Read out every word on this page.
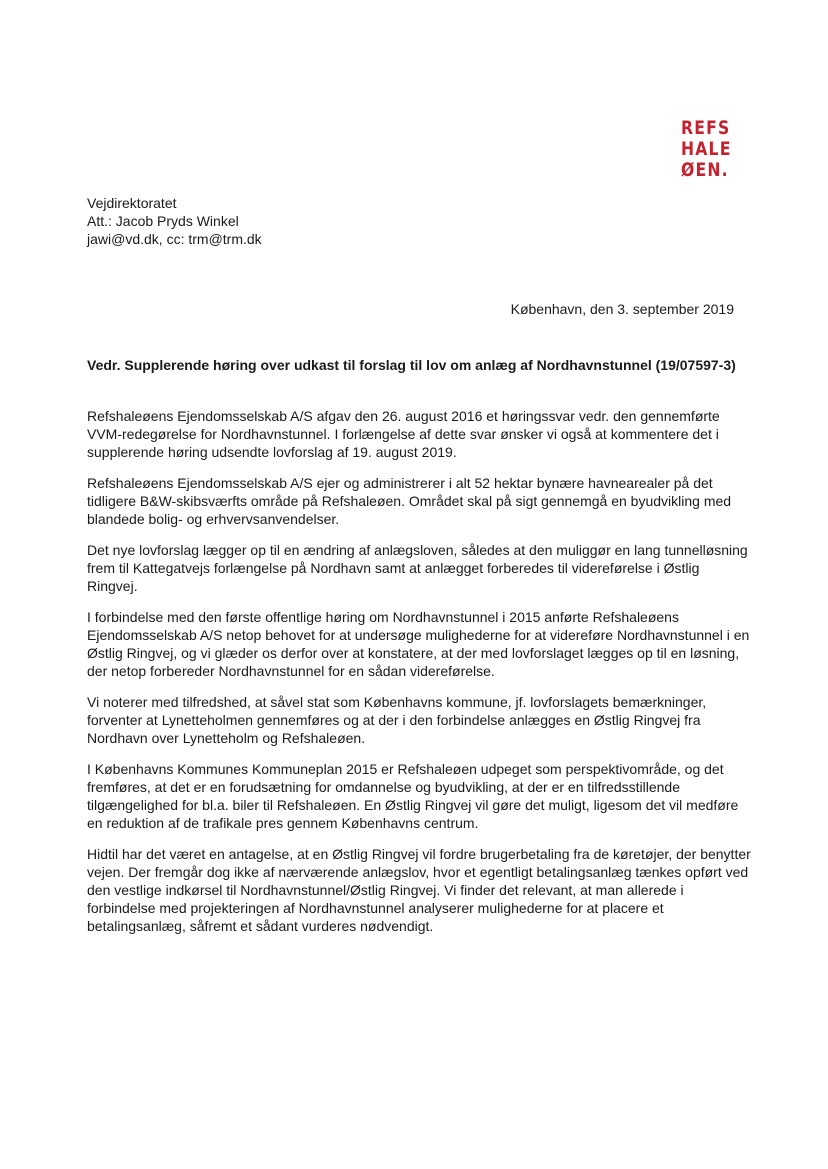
REFS
HALE
ØEN.
Vejdirektoratet
Att.: Jacob Pryds Winkel
jawi@vd.dk, cc: trm@trm.dk
København, den 3. september 2019
Vedr. Supplerende høring over udkast til forslag til lov om anlæg af Nordhavnstunnel (19/07597-3)

Refshaleøens Ejendomsselskab A/S afgav den 26. august 2016 et høringssvar vedr. den gennemførte VVM-redegørelse for Nordhavnstunnel. I forlængelse af dette svar ønsker vi også at kommentere det i supplerende høring udsendte lovforslag af 19. august 2019.

Refshaleøens Ejendomsselskab A/S ejer og administrerer i alt 52 hektar bynære havnearealer på det tidligere B&W-skibsværfts område på Refshaleøen. Området skal på sigt gennemgå en byudvikling med blandede bolig- og erhvervsanvendelser.

Det nye lovforslag lægger op til en ændring af anlægsloven, således at den muliggør en lang tunnelløsning frem til Kattegatvejs forlængelse på Nordhavn samt at anlægget forberedes til videreførelse i Østlig Ringvej.

I forbindelse med den første offentlige høring om Nordhavnstunnel i 2015 anførte Refshaleøens Ejendomsselskab A/S netop behovet for at undersøge mulighederne for at videreføre Nordhavnstunnel i en Østlig Ringvej, og vi glæder os derfor over at konstatere, at der med lovforslaget lægges op til en løsning, der netop forbereder Nordhavnstunnel for en sådan videreførelse.

Vi noterer med tilfredshed, at såvel stat som Københavns kommune, jf. lovforslagets bemærkninger, forventer at Lynetteholmen gennemføres og at der i den forbindelse anlægges en Østlig Ringvej fra Nordhavn over Lynetteholm og Refshaleøen.

I Københavns Kommunes Kommuneplan 2015 er Refshaleøen udpeget som perspektivområde, og det fremføres, at det er en forudsætning for omdannelse og byudvikling, at der er en tilfredsstillende tilgængelighed for bl.a. biler til Refshaleøen. En Østlig Ringvej vil gøre det muligt, ligesom det vil medføre en reduktion af de trafikale pres gennem Københavns centrum.

Hidtil har det været en antagelse, at en Østlig Ringvej vil fordre brugerbetaling fra de køretøjer, der benytter vejen. Der fremgår dog ikke af nærværende anlægslov, hvor et egentligt betalingsanlæg tænkes opført ved den vestlige indkørsel til Nordhavnstunnel/Østlig Ringvej. Vi finder det relevant, at man allerede i forbindelse med projekteringen af Nordhavnstunnel analyserer mulighederne for at placere et betalingsanlæg, såfremt et sådant vurderes nødvendigt.
